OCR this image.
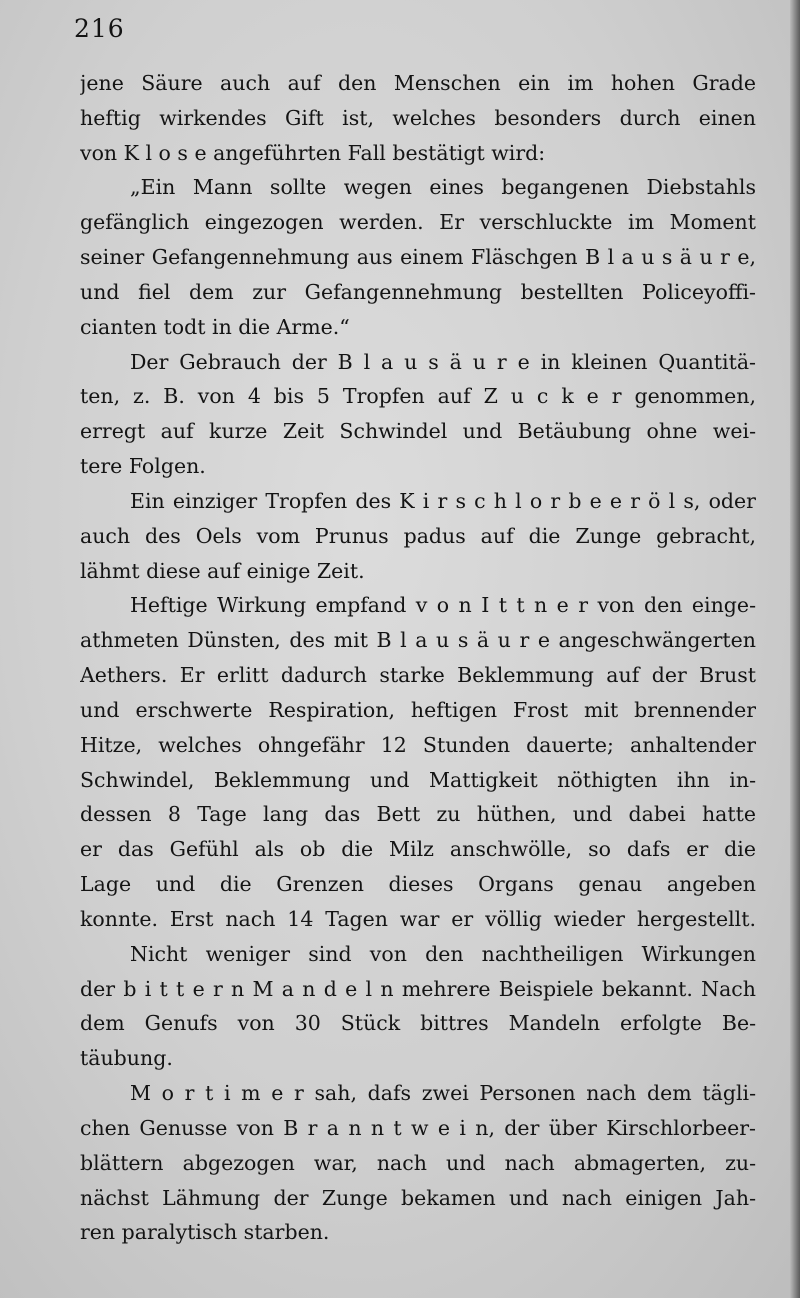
216
jene Säure auch auf den Menschen ein im hohen Grade
heftig wirkendes Gift ist, welches besonders durch einen
von K l o s e angeführten Fall bestätigt wird:
„Ein Mann sollte wegen eines begangenen Diebstahls
gefänglich eingezogen werden. Er verschluckte im Moment
seiner Gefangennehmung aus einem Fläschgen B l a u s ä u r e,
und fiel dem zur Gefangennehmung bestellten Policeyoffi-
cianten todt in die Arme.“
Der Gebrauch der B l a u s ä u r e in kleinen Quantitä-
ten, z. B. von 4 bis 5 Tropfen auf Z u c k e r genommen,
erregt auf kurze Zeit Schwindel und Betäubung ohne wei-
tere Folgen.
Ein einziger Tropfen des K i r s c h l o r b e e r ö l s, oder
auch des Oels vom Prunus padus auf die Zunge gebracht,
lähmt diese auf einige Zeit.
Heftige Wirkung empfand v o n I t t n e r von den einge-
athmeten Dünsten, des mit B l a u s ä u r e angeschwängerten
Aethers. Er erlitt dadurch starke Beklemmung auf der Brust
und erschwerte Respiration, heftigen Frost mit brennender
Hitze, welches ohngefähr 12 Stunden dauerte; anhaltender
Schwindel, Beklemmung und Mattigkeit nöthigten ihn in-
dessen 8 Tage lang das Bett zu hüthen, und dabei hatte
er das Gefühl als ob die Milz anschwölle, so dafs er die
Lage und die Grenzen dieses Organs genau angeben
konnte. Erst nach 14 Tagen war er völlig wieder hergestellt.
Nicht weniger sind von den nachtheiligen Wirkungen
der b i t t e r n M a n d e l n mehrere Beispiele bekannt. Nach
dem Genufs von 30 Stück bittres Mandeln erfolgte Be-
täubung.
M o r t i m e r sah, dafs zwei Personen nach dem tägli-
chen Genusse von B r a n n t w e i n, der über Kirschlorbeer-
blättern abgezogen war, nach und nach abmagerten, zu-
nächst Lähmung der Zunge bekamen und nach einigen Jah-
ren paralytisch starben.
